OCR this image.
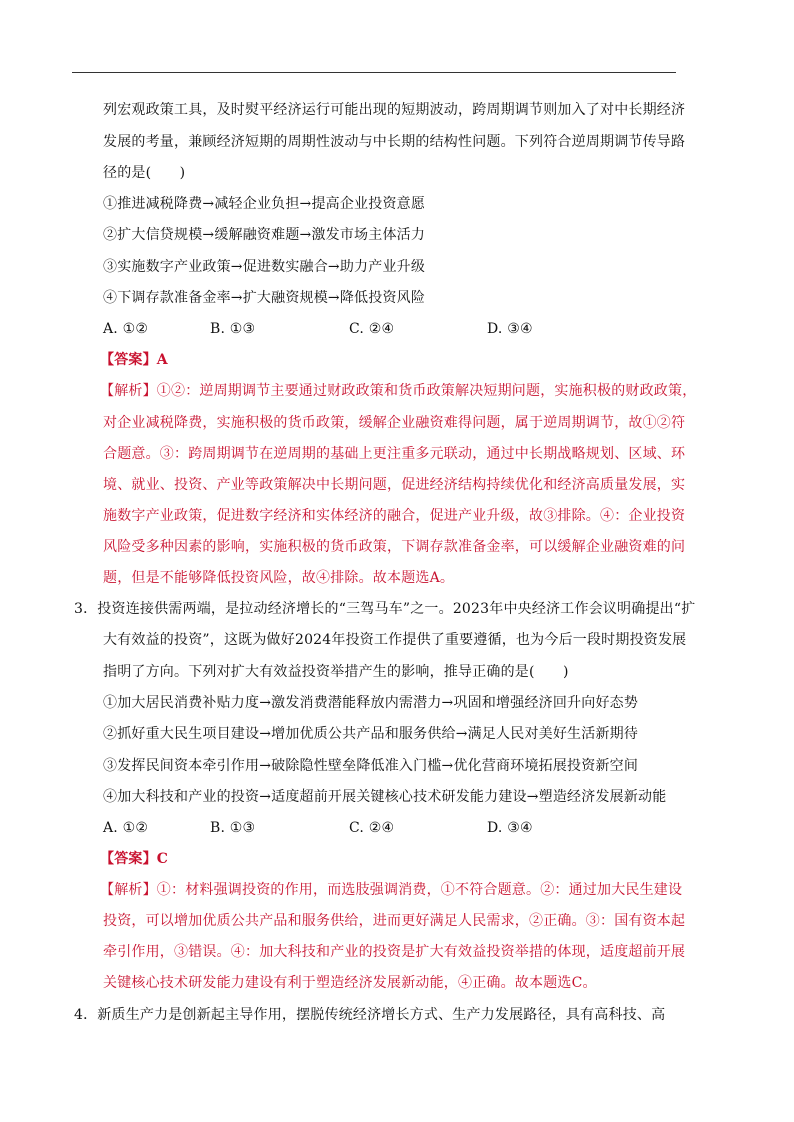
列宏观政策工具，及时熨平经济运行可能出现的短期波动，跨周期调节则加入了对中长期经济
发展的考量，兼顾经济短期的周期性波动与中长期的结构性问题。下列符合逆周期调节传导路
径的是(　　)
①推进减税降费→减轻企业负担→提高企业投资意愿
②扩大信贷规模→缓解融资难题→激发市场主体活力
③实施数字产业政策→促进数实融合→助力产业升级
④下调存款准备金率→扩大融资规模→降低投资风险
A. ①②	B. ①③	C. ②④	D. ③④
【答案】A
【解析】①②：逆周期调节主要通过财政政策和货币政策解决短期问题，实施积极的财政政策，
对企业减税降费，实施积极的货币政策，缓解企业融资难得问题，属于逆周期调节，故①②符
合题意。③：跨周期调节在逆周期的基础上更注重多元联动，通过中长期战略规划、区域、环
境、就业、投资、产业等政策解决中长期问题，促进经济结构持续优化和经济高质量发展，实
施数字产业政策，促进数字经济和实体经济的融合，促进产业升级，故③排除。④：企业投资
风险受多种因素的影响，实施积极的货币政策，下调存款准备金率，可以缓解企业融资难的问
题，但是不能够降低投资风险，故④排除。故本题选A。
3．投资连接供需两端，是拉动经济增长的“三驾马车”之一。2023年中央经济工作会议明确提出“扩
大有效益的投资”，这既为做好2024年投资工作提供了重要遵循，也为今后一段时期投资发展
指明了方向。下列对扩大有效益投资举措产生的影响，推导正确的是(　　)
①加大居民消费补贴力度→激发消费潜能释放内需潜力→巩固和增强经济回升向好态势
②抓好重大民生项目建设→增加优质公共产品和服务供给→满足人民对美好生活新期待
③发挥民间资本牵引作用→破除隐性壁垒降低准入门槛→优化营商环境拓展投资新空间
④加大科技和产业的投资→适度超前开展关键核心技术研发能力建设→塑造经济发展新动能
A. ①②	B. ①③	C. ②④	D. ③④
【答案】C
【解析】①：材料强调投资的作用，而选肢强调消费，①不符合题意。②：通过加大民生建设
投资，可以增加优质公共产品和服务供给，进而更好满足人民需求，②正确。③：国有资本起
牵引作用，③错误。④：加大科技和产业的投资是扩大有效益投资举措的体现，适度超前开展
关键核心技术研发能力建设有利于塑造经济发展新动能，④正确。故本题选C。
4．新质生产力是创新起主导作用，摆脱传统经济增长方式、生产力发展路径，具有高科技、高
